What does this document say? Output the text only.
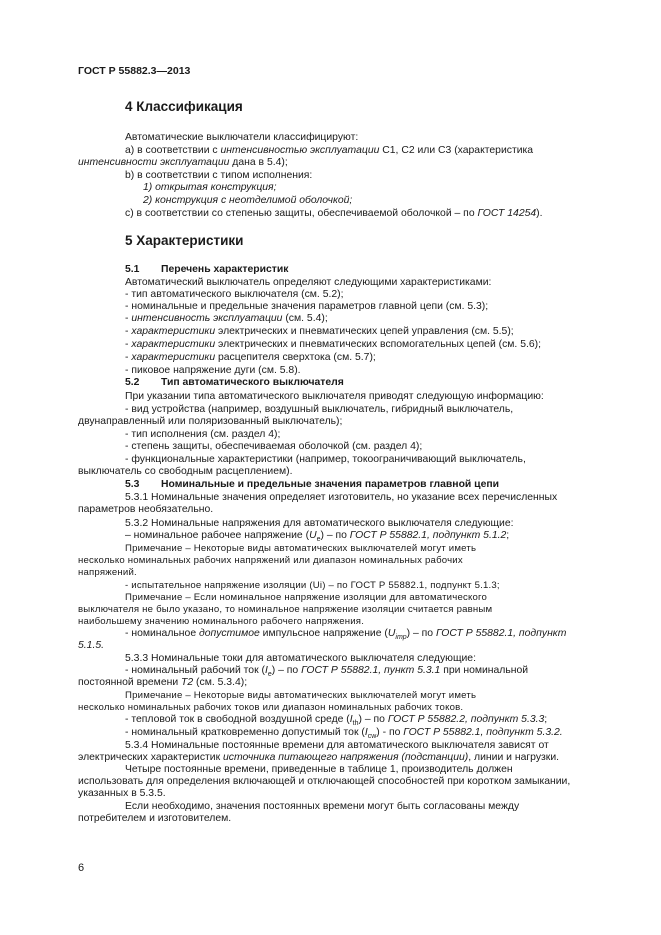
ГОСТ Р 55882.3—2013
4 Классификация
Автоматические выключатели классифицируют:
a) в соответствии с интенсивностью эксплуатации С1, С2 или С3 (характеристика
интенсивности эксплуатации дана в 5.4);
b) в соответствии с типом исполнения:
1) открытая конструкция;
2) конструкция с неотделимой оболочкой;
c) в соответствии со степенью защиты, обеспечиваемой оболочкой – по ГОСТ 14254).
5 Характеристики
5.1 Перечень характеристик
Автоматический выключатель определяют следующими характеристиками:
- тип автоматического выключателя (см. 5.2);
- номинальные и предельные значения параметров главной цепи (см. 5.3);
- интенсивность эксплуатации (см. 5.4);
- характеристики электрических и пневматических цепей управления (см. 5.5);
- характеристики электрических и пневматических вспомогательных цепей (см. 5.6);
- характеристики расцепителя сверхтока (см. 5.7);
- пиковое напряжение дуги (см. 5.8).
5.2 Тип автоматического выключателя
При указании типа автоматического выключателя приводят следующую информацию:
- вид устройства (например, воздушный выключатель, гибридный выключатель,
двунаправленный или поляризованный выключатель);
- тип исполнения (см. раздел 4);
- степень защиты, обеспечиваемая оболочкой (см. раздел 4);
- функциональные характеристики (например, токоограничивающий выключатель,
выключатель со свободным расцеплением).
5.3 Номинальные и предельные значения параметров главной цепи
5.3.1 Номинальные значения определяет изготовитель, но указание всех перечисленных
параметров необязательно.
5.3.2 Номинальные напряжения для автоматического выключателя следующие:
– номинальное рабочее напряжение $(U_e)$ – по ГОСТ Р 55882.1, подпункт 5.1.2;
Примечание – Некоторые виды автоматических выключателей могут иметь
несколько номинальных рабочих напряжений или диапазон номинальных рабочих
напряжений.
- испытательное напряжение изоляции (Ui) – по ГОСТ Р 55882.1, подпункт 5.1.3;
Примечание – Если номинальное напряжение изоляции для автоматического
выключателя не было указано, то номинальное напряжение изоляции считается равным
наибольшему значению номинального рабочего напряжения.
- номинальное допустимое импульсное напряжение $(U_{imp})$ – по ГОСТ Р 55882.1, подпункт
5.1.5.
5.3.3 Номинальные токи для автоматического выключателя следующие:
- номинальный рабочий ток $(I_e)$ – по ГОСТ Р 55882.1, пункт 5.3.1 при номинальной
постоянной времени Т2 (см. 5.3.4);
Примечание – Некоторые виды автоматических выключателей могут иметь
несколько номинальных рабочих токов или диапазон номинальных рабочих токов.
- тепловой ток в свободной воздушной среде $(I_{th})$ – по ГОСТ Р 55882.2, подпункт 5.3.3;
- номинальный кратковременно допустимый ток $(I_{cw})$ - по ГОСТ Р 55882.1, подпункт 5.3.2.
5.3.4 Номинальные постоянные времени для автоматического выключателя зависят от
электрических характеристик источника питающего напряжения (подстанции), линии и нагрузки.
Четыре постоянные времени, приведенные в таблице 1, производитель должен
использовать для определения включающей и отключающей способностей при коротком замыкании,
указанных в 5.3.5.
Если необходимо, значения постоянных времени могут быть согласованы между
потребителем и изготовителем.
6
